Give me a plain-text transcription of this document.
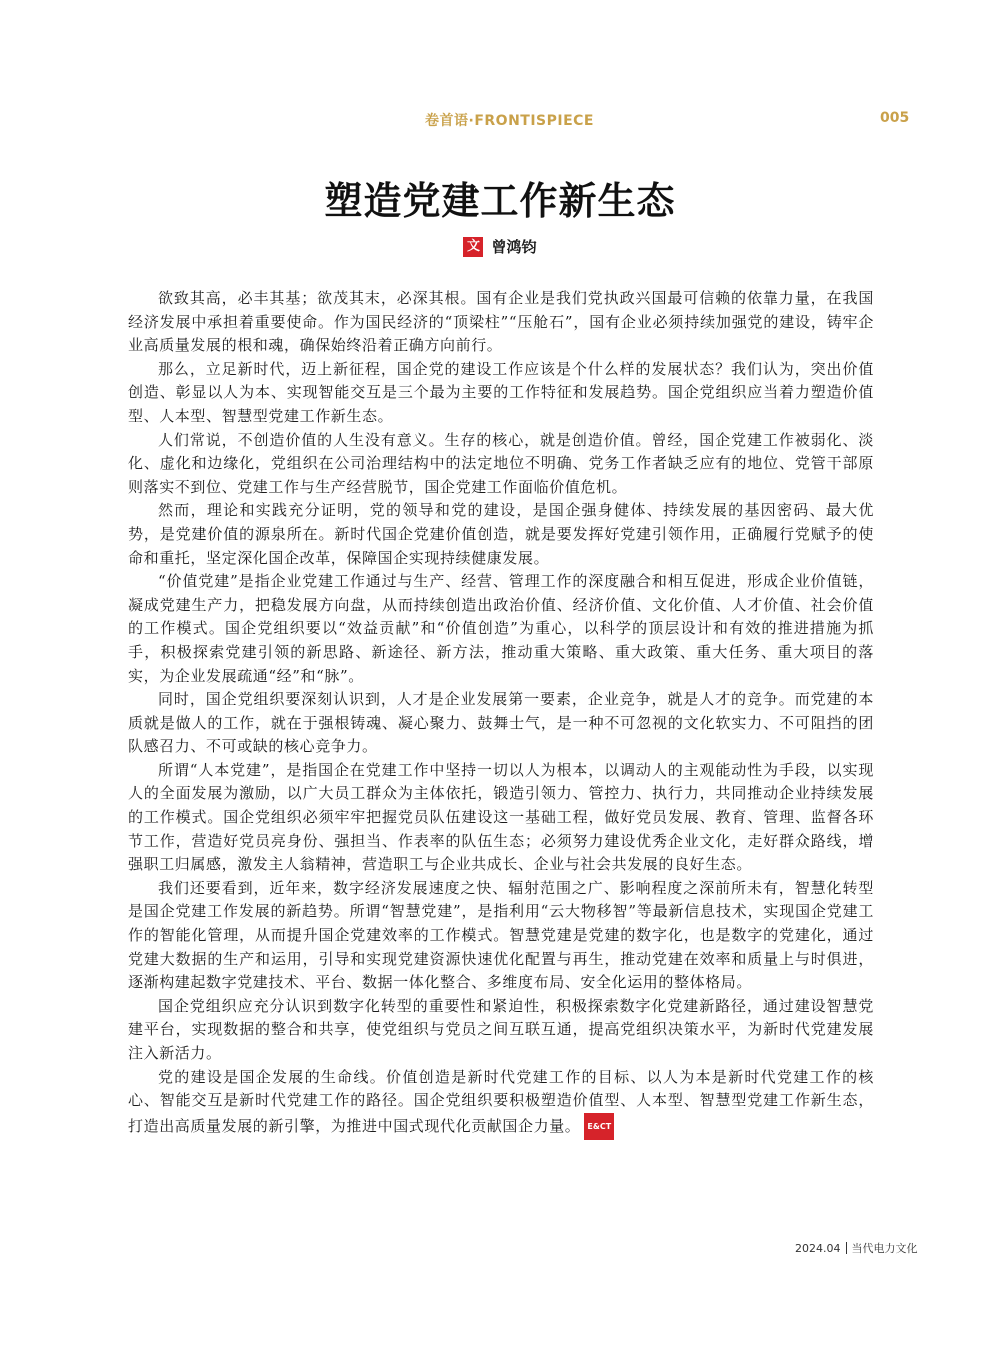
卷首语·FRONTISPIECE	005
塑造党建工作新生态
文 曾鸿钧

欲致其高，必丰其基；欲茂其末，必深其根。国有企业是我们党执政兴国最可信赖的依靠力量，在我国经济发展中承担着重要使命。作为国民经济的“顶梁柱”“压舱石”，国有企业必须持续加强党的建设，铸牢企业高质量发展的根和魂，确保始终沿着正确方向前行。

那么，立足新时代，迈上新征程，国企党的建设工作应该是个什么样的发展状态？我们认为，突出价值创造、彰显以人为本、实现智能交互是三个最为主要的工作特征和发展趋势。国企党组织应当着力塑造价值型、人本型、智慧型党建工作新生态。

人们常说，不创造价值的人生没有意义。生存的核心，就是创造价值。曾经，国企党建工作被弱化、淡化、虚化和边缘化，党组织在公司治理结构中的法定地位不明确、党务工作者缺乏应有的地位、党管干部原则落实不到位、党建工作与生产经营脱节，国企党建工作面临价值危机。

然而，理论和实践充分证明，党的领导和党的建设，是国企强身健体、持续发展的基因密码、最大优势，是党建价值的源泉所在。新时代国企党建价值创造，就是要发挥好党建引领作用，正确履行党赋予的使命和重托，坚定深化国企改革，保障国企实现持续健康发展。

“价值党建”是指企业党建工作通过与生产、经营、管理工作的深度融合和相互促进，形成企业价值链，凝成党建生产力，把稳发展方向盘，从而持续创造出政治价值、经济价值、文化价值、人才价值、社会价值的工作模式。国企党组织要以“效益贡献”和“价值创造”为重心，以科学的顶层设计和有效的推进措施为抓手，积极探索党建引领的新思路、新途径、新方法，推动重大策略、重大政策、重大任务、重大项目的落实，为企业发展疏通“经”和“脉”。

同时，国企党组织要深刻认识到，人才是企业发展第一要素，企业竞争，就是人才的竞争。而党建的本质就是做人的工作，就在于强根铸魂、凝心聚力、鼓舞士气，是一种不可忽视的文化软实力、不可阻挡的团队感召力、不可或缺的核心竞争力。

所谓“人本党建”，是指国企在党建工作中坚持一切以人为根本，以调动人的主观能动性为手段，以实现人的全面发展为激励，以广大员工群众为主体依托，锻造引领力、管控力、执行力，共同推动企业持续发展的工作模式。国企党组织必须牢牢把握党员队伍建设这一基础工程，做好党员发展、教育、管理、监督各环节工作，营造好党员亮身份、强担当、作表率的队伍生态；必须努力建设优秀企业文化，走好群众路线，增强职工归属感，激发主人翁精神，营造职工与企业共成长、企业与社会共发展的良好生态。

我们还要看到，近年来，数字经济发展速度之快、辐射范围之广、影响程度之深前所未有，智慧化转型是国企党建工作发展的新趋势。所谓“智慧党建”，是指利用“云大物移智”等最新信息技术，实现国企党建工作的智能化管理，从而提升国企党建效率的工作模式。智慧党建是党建的数字化，也是数字的党建化，通过党建大数据的生产和运用，引导和实现党建资源快速优化配置与再生，推动党建在效率和质量上与时俱进，逐渐构建起数字党建技术、平台、数据一体化整合、多维度布局、安全化运用的整体格局。

国企党组织应充分认识到数字化转型的重要性和紧迫性，积极探索数字化党建新路径，通过建设智慧党建平台，实现数据的整合和共享，使党组织与党员之间互联互通，提高党组织决策水平，为新时代党建发展注入新活力。

党的建设是国企发展的生命线。价值创造是新时代党建工作的目标、以人为本是新时代党建工作的核心、智能交互是新时代党建工作的路径。国企党组织要积极塑造价值型、人本型、智慧型党建工作新生态，打造出高质量发展的新引擎，为推进中国式现代化贡献国企力量。 E&CT

2024.04 当代电力文化
